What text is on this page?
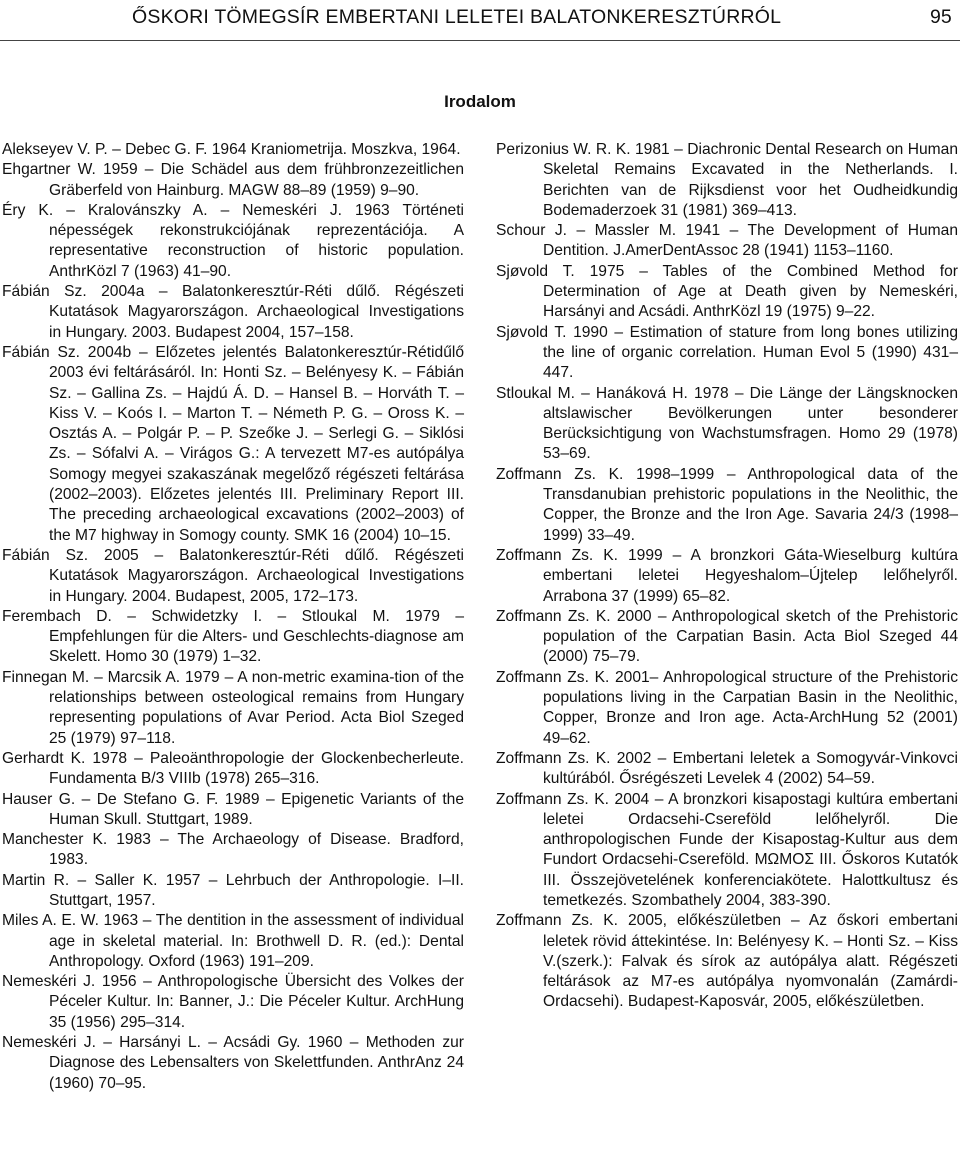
ŐSKORI TÖMEGSÍR EMBERTANI LELETEI BALATONKERESZTÚRRÓL	95
Irodalom

Alekseyev V. P. – Debec G. F. 1964 Kraniometrija. Moszkva, 1964.

Ehgartner W. 1959 – Die Schädel aus dem frühbronzezeitlichen Gräberfeld von Hainburg. MAGW 88–89 (1959) 9–90.

Éry K. – Kralovánszky A. – Nemeskéri J. 1963 Történeti népességek rekonstrukciójának reprezentációja. A representative reconstruction of historic population. AnthrKözl 7 (1963) 41–90.

Fábián Sz. 2004a – Balatonkeresztúr-Réti dűlő. Régészeti Kutatások Magyarországon. Archaeological Investigations in Hungary. 2003. Budapest 2004, 157–158.

Fábián Sz. 2004b – Előzetes jelentés Balatonkeresztúr-Rétidűlő 2003 évi feltárásáról. In: Honti Sz. – Belényesy K. – Fábián Sz. – Gallina Zs. – Hajdú Á. D. – Hansel B. – Horváth T. – Kiss V. – Koós I. – Marton T. – Németh P. G. – Oross K. – Osztás A. – Polgár P. – P. Szeőke J. – Serlegi G. – Siklósi Zs. – Sófalvi A. – Virágos G.: A tervezett M7-es autópálya Somogy megyei szakaszának megelőző régészeti feltárása (2002–2003). Előzetes jelentés III. Preliminary Report III. The preceding archaeological excavations (2002–2003) of the M7 highway in Somogy county. SMK 16 (2004) 10–15.

Fábián Sz. 2005 – Balatonkeresztúr-Réti dűlő. Régészeti Kutatások Magyarországon. Archaeological Investigations in Hungary. 2004. Budapest, 2005, 172–173.

Ferembach D. – Schwidetzky I. – Stloukal M. 1979 – Empfehlungen für die Alters- und Geschlechts-diagnose am Skelett. Homo 30 (1979) 1–32.

Finnegan M. – Marcsik A. 1979 – A non-metric examina-tion of the relationships between osteological remains from Hungary representing populations of Avar Period. Acta Biol Szeged 25 (1979) 97–118.

Gerhardt K. 1978 – Paleoänthropologie der Glockenbecherleute. Fundamenta B/3 VIIIb (1978) 265–316.

Hauser G. – De Stefano G. F. 1989 – Epigenetic Variants of the Human Skull. Stuttgart, 1989.

Manchester K. 1983 – The Archaeology of Disease. Bradford, 1983.

Martin R. – Saller K. 1957 – Lehrbuch der Anthropologie. I–II. Stuttgart, 1957.

Miles A. E. W. 1963 – The dentition in the assessment of individual age in skeletal material. In: Brothwell D. R. (ed.): Dental Anthropology. Oxford (1963) 191–209.

Nemeskéri J. 1956 – Anthropologische Übersicht des Volkes der Péceler Kultur. In: Banner, J.: Die Péceler Kultur. ArchHung 35 (1956) 295–314.

Nemeskéri J. – Harsányi L. – Acsádi Gy. 1960 – Methoden zur Diagnose des Lebensalters von Skelettfunden. AnthrAnz 24 (1960) 70–95.

Perizonius W. R. K. 1981 – Diachronic Dental Research on Human Skeletal Remains Excavated in the Netherlands. I. Berichten van de Rijksdienst voor het Oudheidkundig Bodemaderzoek 31 (1981) 369–413.

Schour J. – Massler M. 1941 – The Development of Human Dentition. J.AmerDentAssoc 28 (1941) 1153–1160.

Sjøvold T. 1975 – Tables of the Combined Method for Determination of Age at Death given by Nemeskéri, Harsányi and Acsádi. AnthrKözl 19 (1975) 9–22.

Sjøvold T. 1990 – Estimation of stature from long bones utilizing the line of organic correlation. Human Evol 5 (1990) 431–447.

Stloukal M. – Hanáková H. 1978 – Die Länge der Längsknocken altslawischer Bevölkerungen unter besonderer Berücksichtigung von Wachstumsfragen. Homo 29 (1978) 53–69.

Zoffmann Zs. K. 1998–1999 – Anthropological data of the Transdanubian prehistoric populations in the Neolithic, the Copper, the Bronze and the Iron Age. Savaria 24/3 (1998–1999) 33–49.

Zoffmann Zs. K. 1999 – A bronzkori Gáta-Wieselburg kultúra embertani leletei Hegyeshalom–Újtelep lelőhelyről. Arrabona 37 (1999) 65–82.

Zoffmann Zs. K. 2000 – Anthropological sketch of the Prehistoric population of the Carpatian Basin. Acta Biol Szeged 44 (2000) 75–79.

Zoffmann Zs. K. 2001– Anhropological structure of the Prehistoric populations living in the Carpatian Basin in the Neolithic, Copper, Bronze and Iron age. Acta-ArchHung 52 (2001) 49–62.

Zoffmann Zs. K. 2002 – Embertani leletek a Somogyvár-Vinkovci kultúrából. Ősrégészeti Levelek 4 (2002) 54–59.

Zoffmann Zs. K. 2004 – A bronzkori kisapostagi kultúra embertani leletei Ordacsehi-Csereföld lelőhelyről. Die anthropologischen Funde der Kisapostag-Kultur aus dem Fundort Ordacsehi-Csereföld. ΜΩΜΟΣ III. Őskoros Kutatók III. Összejövetelének konferenciakötete. Halottkultusz és temetkezés. Szombathely 2004, 383-390.

Zoffmann Zs. K. 2005, előkészületben – Az őskori embertani leletek rövid áttekintése. In: Belényesy K. – Honti Sz. – Kiss V.(szerk.): Falvak és sírok az autópálya alatt. Régészeti feltárások az M7-es autópálya nyomvonalán (Zamárdi-Ordacsehi). Budapest-Kaposvár, 2005, előkészületben.
